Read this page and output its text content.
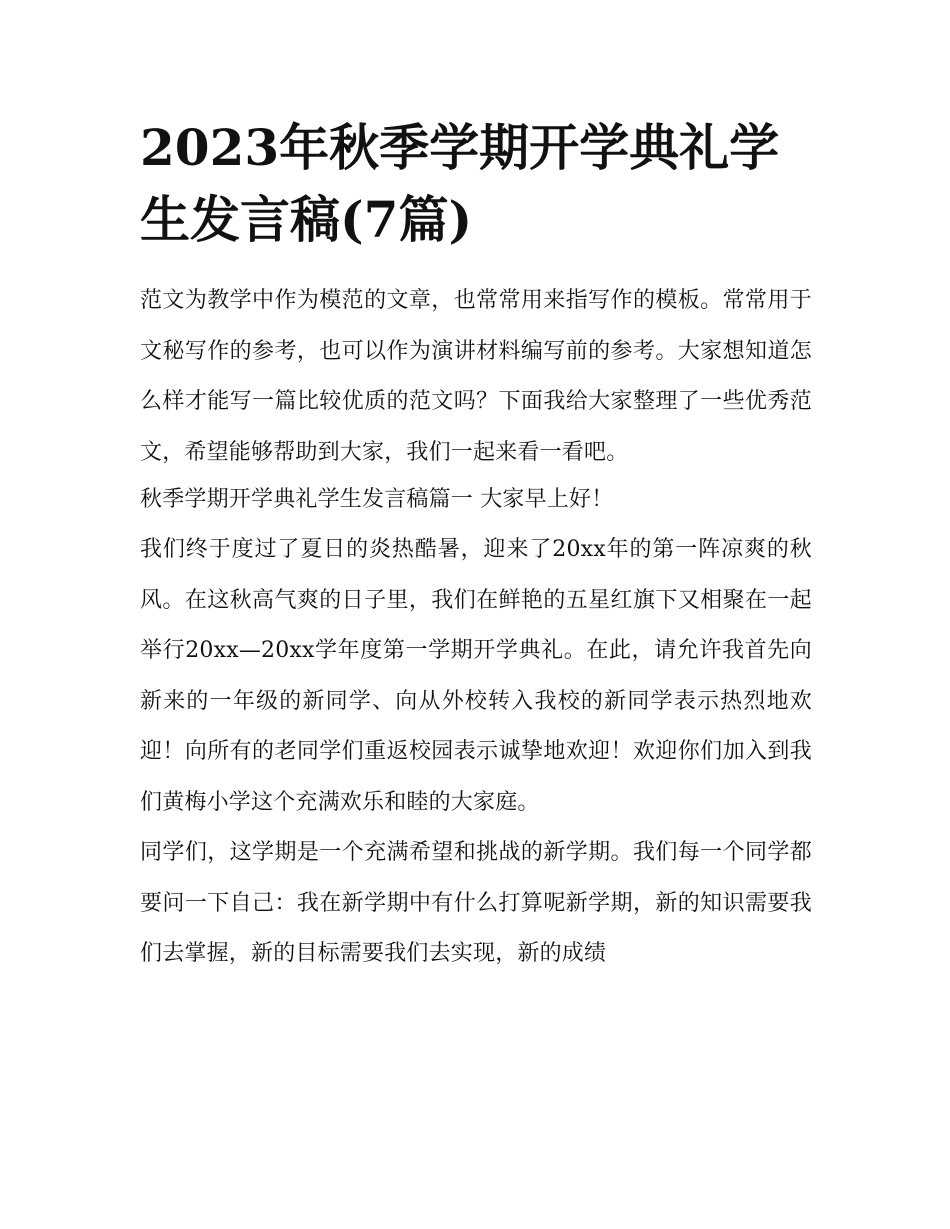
2023年秋季学期开学典礼学生发言稿(7篇)

范文为教学中作为模范的文章，也常常用来指写作的模板。常常用于文秘写作的参考，也可以作为演讲材料编写前的参考。大家想知道怎么样才能写一篇比较优质的范文吗？下面我给大家整理了一些优秀范文，希望能够帮助到大家，我们一起来看一看吧。

秋季学期开学典礼学生发言稿篇一 大家早上好！

我们终于度过了夏日的炎热酷暑，迎来了20xx年的第一阵凉爽的秋风。在这秋高气爽的日子里，我们在鲜艳的五星红旗下又相聚在一起举行20xx—20xx学年度第一学期开学典礼。在此，请允许我首先向新来的一年级的新同学、向从外校转入我校的新同学表示热烈地欢迎！向所有的老同学们重返校园表示诚挚地欢迎！欢迎你们加入到我们黄梅小学这个充满欢乐和睦的大家庭。

同学们，这学期是一个充满希望和挑战的新学期。我们每一个同学都要问一下自己：我在新学期中有什么打算呢新学期，新的知识需要我们去掌握，新的目标需要我们去实现，新的成绩
